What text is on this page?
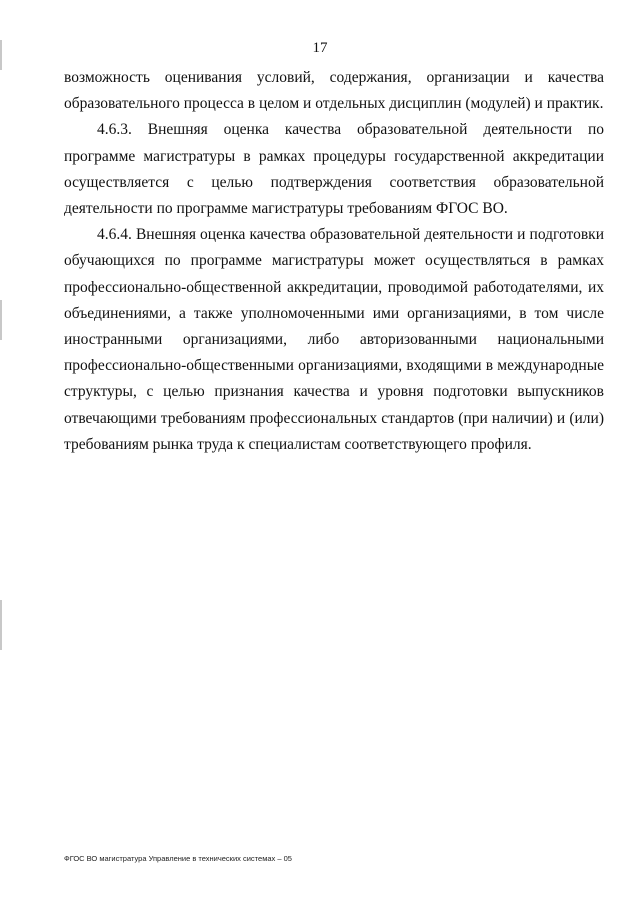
17

возможность оценивания условий, содержания, организации и качества образовательного процесса в целом и отдельных дисциплин (модулей) и практик.

4.6.3. Внешняя оценка качества образовательной деятельности по программе магистратуры в рамках процедуры государственной аккредитации осуществляется с целью подтверждения соответствия образовательной деятельности по программе магистратуры требованиям ФГОС ВО.

4.6.4. Внешняя оценка качества образовательной деятельности и подготовки обучающихся по программе магистратуры может осуществляться в рамках профессионально-общественной аккредитации, проводимой работодателями, их объединениями, а также уполномоченными ими организациями, в том числе иностранными организациями, либо авторизованными национальными профессионально-общественными организациями, входящими в международные структуры, с целью признания качества и уровня подготовки выпускников отвечающими требованиям профессиональных стандартов (при наличии) и (или) требованиям рынка труда к специалистам соответствующего профиля.

ФГОС ВО магистратура Управление в технических системах – 05
